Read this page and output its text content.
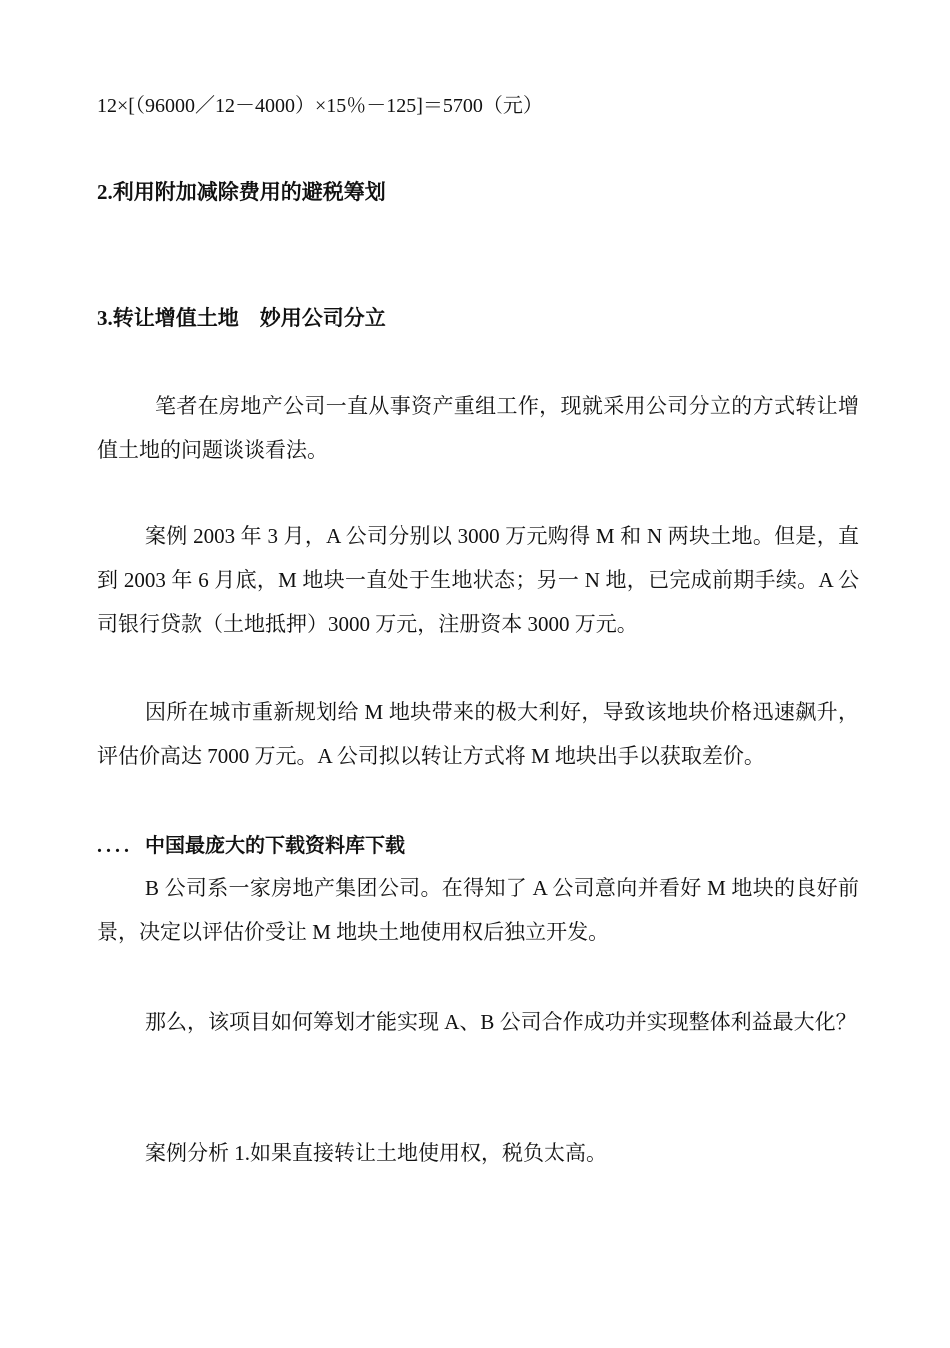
12×[（96000／12－4000）×15％－125]＝5700（元）

2.利用附加减除费用的避税筹划

3.转让增值土地　妙用公司分立

笔者在房地产公司一直从事资产重组工作，现就采用公司分立的方式转让增值土地的问题谈谈看法。

案例 2003 年 3 月，A 公司分别以 3000 万元购得 M 和 N 两块土地。但是，直到 2003 年 6 月底，M 地块一直处于生地状态；另一 N 地，已完成前期手续。A 公司银行贷款（土地抵押）3000 万元，注册资本 3000 万元。

因所在城市重新规划给 M 地块带来的极大利好，导致该地块价格迅速飙升，评估价高达 7000 万元。A 公司拟以转让方式将 M 地块出手以获取差价。

.... 中国最庞大的下载资料库下载

B 公司系一家房地产集团公司。在得知了 A 公司意向并看好 M 地块的良好前景，决定以评估价受让 M 地块土地使用权后独立开发。

那么，该项目如何筹划才能实现 A、B 公司合作成功并实现整体利益最大化？

案例分析 1.如果直接转让土地使用权，税负太高。
